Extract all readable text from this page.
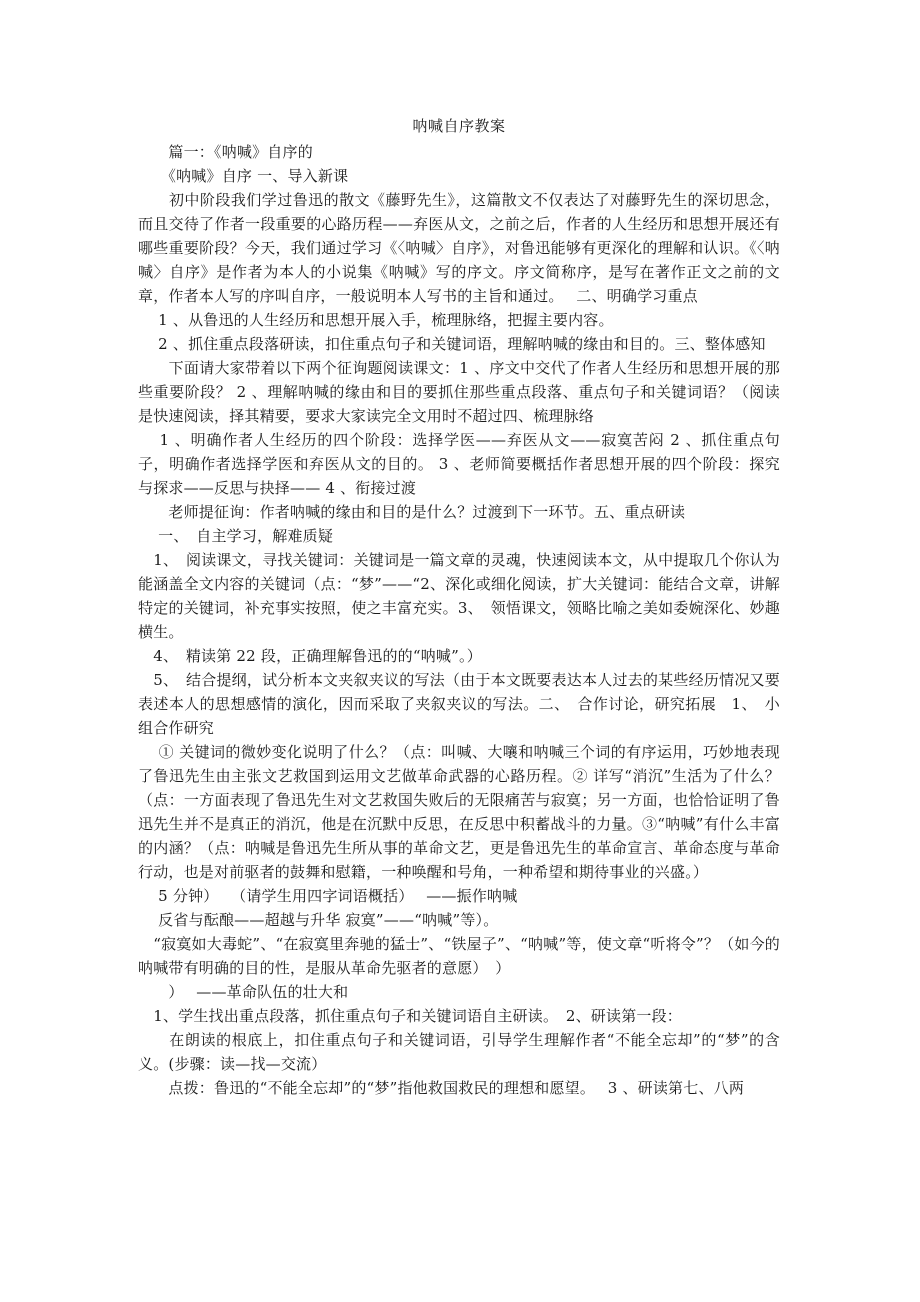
呐喊自序教案

　　篇一：《呐喊》自序的

　　《呐喊》自序 一、导入新课

　　初中阶段我们学过鲁迅的散文《藤野先生》，这篇散文不仅表达了对藤野先生的深切思念，而且交待了作者一段重要的心路历程——弃医从文，之前之后，作者的人生经历和思想开展还有哪些重要阶段？今天，我们通过学习《〈呐喊〉自序》，对鲁迅能够有更深化的理解和认识。《〈呐喊〉自序》是作者为本人的小说集《呐喊》写的序文。序文简称序，是写在著作正文之前的文章，作者本人写的序叫自序，一般说明本人写书的主旨和通过。　 二、明确学习重点

　 1 、从鲁迅的人生经历和思想开展入手，梳理脉络，把握主要内容。

　 2 、抓住重点段落研读，扣住重点句子和关键词语，理解呐喊的缘由和目的。三、整体感知

　　下面请大家带着以下两个征询题阅读课文：1 、序文中交代了作者人生经历和思想开展的那些重要阶段？ 2 、理解呐喊的缘由和目的要抓住那些重点段落、重点句子和关键词语？（阅读是快速阅读，择其精要，要求大家读完全文用时不超过四、梳理脉络

　 1 、明确作者人生经历的四个阶段：选择学医——弃医从文——寂寞苦闷 2 、抓住重点句子，明确作者选择学医和弃医从文的目的。 3 、老师简要概括作者思想开展的四个阶段：探究与探求——反思与抉择—— 4 、衔接过渡

　　老师提征询：作者呐喊的缘由和目的是什么？过渡到下一环节。五、重点研读

　 一、　自主学习，解难质疑

　1、　阅读课文，寻找关键词：关键词是一篇文章的灵魂，快速阅读本文，从中提取几个你认为能涵盖全文内容的关键词（点：“梦”——“2、深化或细化阅读，扩大关键词：能结合文章，讲解特定的关键词，补充事实按照，使之丰富充实。3、　领悟课文，领略比喻之美如委婉深化、妙趣横生。

　4、　精读第 22 段，正确理解鲁迅的的“呐喊”。）

　5、　结合提纲，试分析本文夹叙夹议的写法（由于本文既要表达本人过去的某些经历情况又要表述本人的思想感情的演化，因而采取了夹叙夹议的写法。二、　合作讨论，研究拓展　1、　小组合作研究

　 ① 关键词的微妙变化说明了什么？（点：叫喊、大嚷和呐喊三个词的有序运用，巧妙地表现了鲁迅先生由主张文艺救国到运用文艺做革命武器的心路历程。② 详写“消沉”生活为了什么？（点：一方面表现了鲁迅先生对文艺救国失败后的无限痛苦与寂寞；另一方面，也恰恰证明了鲁迅先生并不是真正的消沉，他是在沉默中反思，在反思中积蓄战斗的力量。③“呐喊”有什么丰富的内涵？（点：呐喊是鲁迅先生所从事的革命文艺，更是鲁迅先生的革命宣言、革命态度与革命行动，也是对前驱者的鼓舞和慰籍，一种唤醒和号角，一种希望和期待事业的兴盛。）

　 5 分钟）　 （请学生用四字词语概括）　 ——振作呐喊

　 反省与酝酿——超越与升华 寂寞”——“呐喊”等）。

　“寂寞如大毒蛇”、“在寂寞里奔驰的猛士”、“铁屋子”、“呐喊”等，使文章“听将令”？（如今的呐喊带有明确的目的性，是服从革命先驱者的意愿）　）

　　）　 ——革命队伍的壮大和

　1、学生找出重点段落，抓住重点句子和关键词语自主研读。　2、研读第一段：

　　在朗读的根底上，扣住重点句子和关键词语，引导学生理解作者“不能全忘却”的“梦”的含义。(步骤：读—找—交流）

　　点拨：鲁迅的“不能全忘却”的“梦”指他救国救民的理想和愿望。　 3 、研读第七、八两
